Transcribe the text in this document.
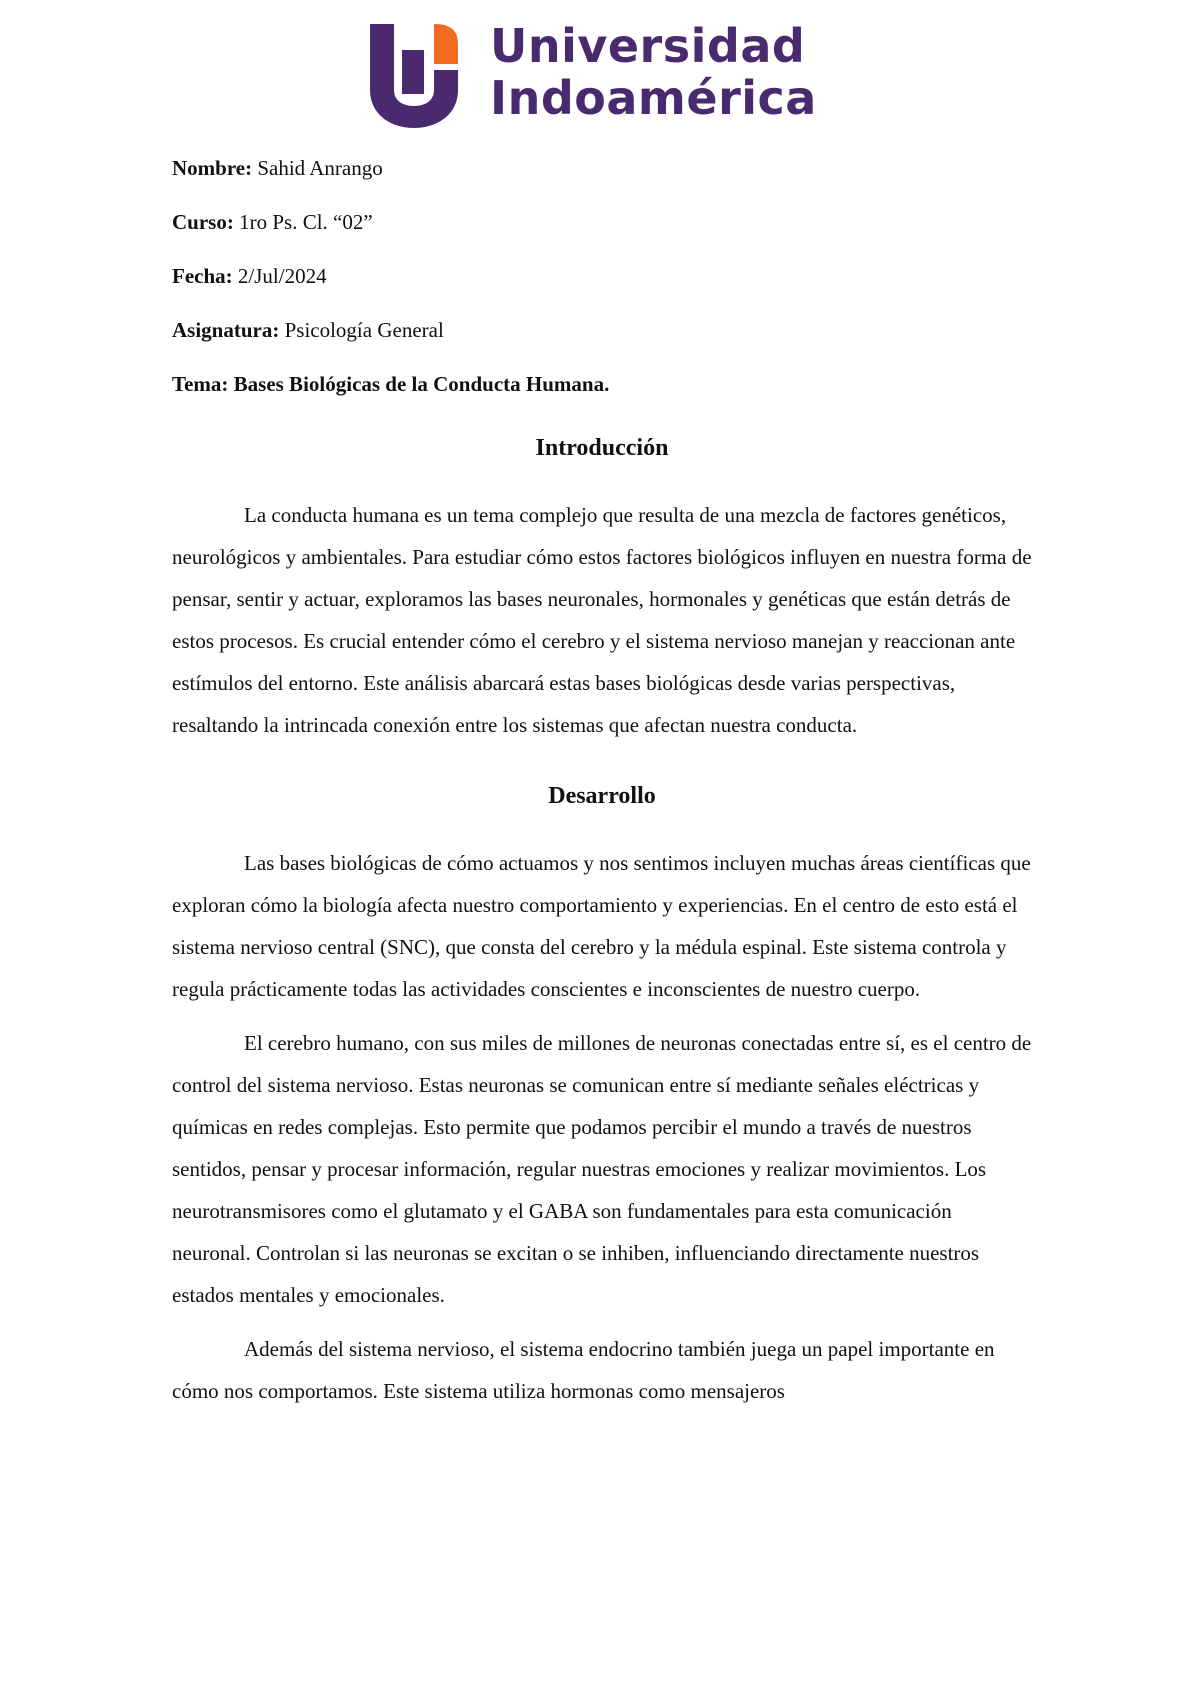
Universidad
Indoamérica
Nombre: Sahid Anrango
Curso: 1ro Ps. Cl. “02”
Fecha: 2/Jul/2024
Asignatura: Psicología General
Tema: Bases Biológicas de la Conducta Humana.
Introducción

La conducta humana es un tema complejo que resulta de una mezcla de factores genéticos, neurológicos y ambientales. Para estudiar cómo estos factores biológicos influyen en nuestra forma de pensar, sentir y actuar, exploramos las bases neuronales, hormonales y genéticas que están detrás de estos procesos. Es crucial entender cómo el cerebro y el sistema nervioso manejan y reaccionan ante estímulos del entorno. Este análisis abarcará estas bases biológicas desde varias perspectivas, resaltando la intrincada conexión entre los sistemas que afectan nuestra conducta.

Desarrollo

Las bases biológicas de cómo actuamos y nos sentimos incluyen muchas áreas científicas que exploran cómo la biología afecta nuestro comportamiento y experiencias. En el centro de esto está el sistema nervioso central (SNC), que consta del cerebro y la médula espinal. Este sistema controla y regula prácticamente todas las actividades conscientes e inconscientes de nuestro cuerpo.

El cerebro humano, con sus miles de millones de neuronas conectadas entre sí, es el centro de control del sistema nervioso. Estas neuronas se comunican entre sí mediante señales eléctricas y químicas en redes complejas. Esto permite que podamos percibir el mundo a través de nuestros sentidos, pensar y procesar información, regular nuestras emociones y realizar movimientos. Los neurotransmisores como el glutamato y el GABA son fundamentales para esta comunicación neuronal. Controlan si las neuronas se excitan o se inhiben, influenciando directamente nuestros estados mentales y emocionales.

Además del sistema nervioso, el sistema endocrino también juega un papel importante en cómo nos comportamos. Este sistema utiliza hormonas como mensajeros
